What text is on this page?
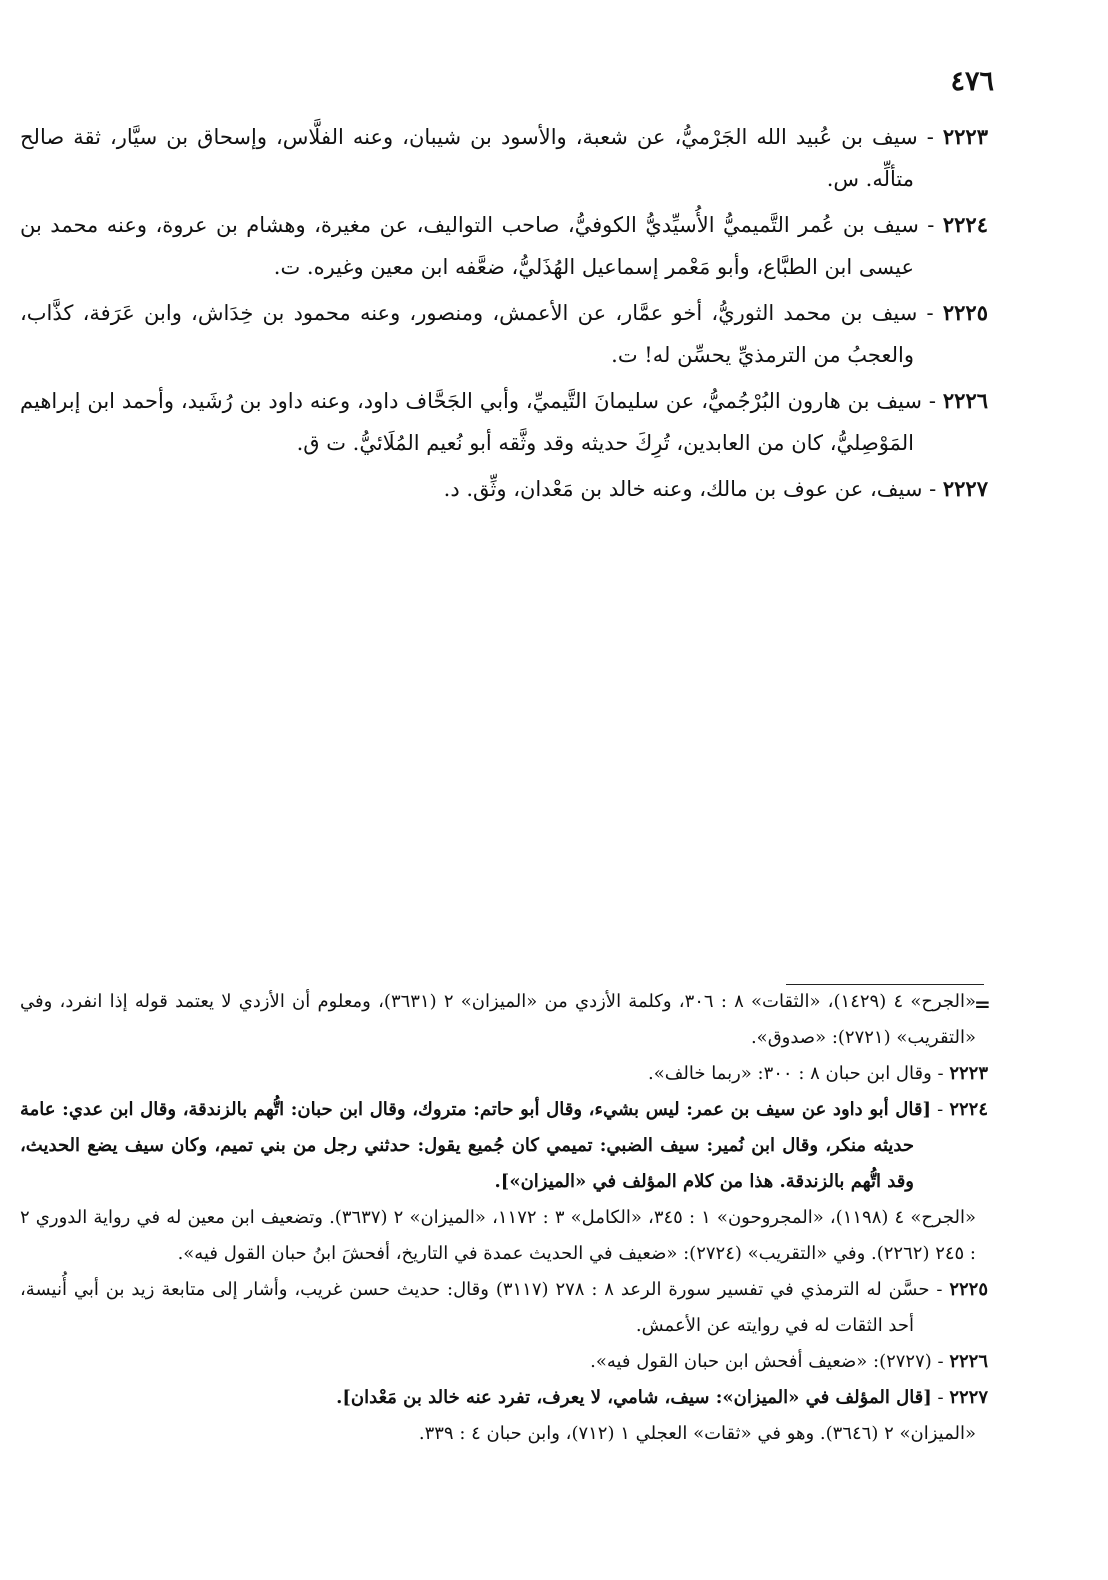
٤٧٦

٢٢٢٣ - سيف بن عُبيد الله الجَرْميُّ، عن شعبة، والأسود بن شيبان، وعنه الفلَّاس، وإسحاق بن سيَّار، ثقة صالح متألِّه. س.

٢٢٢٤ - سيف بن عُمر التَّميميُّ الأُسيِّديُّ الكوفيُّ، صاحب التواليف، عن مغيرة، وهشام بن عروة، وعنه محمد بن عيسى ابن الطبَّاع، وأبو مَعْمر إسماعيل الهُذَليُّ، ضعَّفه ابن معين وغيره. ت.

٢٢٢٥ - سيف بن محمد الثوريُّ، أخو عمَّار، عن الأعمش، ومنصور، وعنه محمود بن خِدَاش، وابن عَرَفة، كذَّاب، والعجبُ من الترمذيِّ يحسِّن له! ت.

٢٢٢٦ - سيف بن هارون البُرْجُميُّ، عن سليمانَ التَّيميِّ، وأبي الجَحَّاف داود، وعنه داود بن رُشَيد، وأحمد ابن إبراهيم المَوْصِليُّ، كان من العابدين، تُرِكَ حديثه وقد وثَّقه أبو نُعيم المُلَائيُّ. ت ق.

٢٢٢٧ - سيف، عن عوف بن مالك، وعنه خالد بن مَعْدان، وثِّق. د.

=

«الجرح» ٤ (١٤٢٩)، «الثقات» ٨ : ٣٠٦، وكلمة الأزدي من «الميزان» ٢ (٣٦٣١)، ومعلوم أن الأزدي لا يعتمد قوله إذا انفرد، وفي «التقريب» (٢٧٢١): «صدوق».

٢٢٢٣ - وقال ابن حبان ٨ : ٣٠٠: «ربما خالف».

٢٢٢٤ - [قال أبو داود عن سيف بن عمر: ليس بشيء، وقال أبو حاتم: متروك، وقال ابن حبان: اتُّهم بالزندقة، وقال ابن عدي: عامة حديثه منكر، وقال ابن نُمير: سيف الضبي: تميمي كان جُميع يقول: حدثني رجل من بني تميم، وكان سيف يضع الحديث، وقد اتُّهم بالزندقة. هذا من كلام المؤلف في «الميزان»].

«الجرح» ٤ (١١٩٨)، «المجروحون» ١ : ٣٤٥، «الكامل» ٣ : ١١٧٢، «الميزان» ٢ (٣٦٣٧). وتضعيف ابن معين له في رواية الدوري ٢ : ٢٤٥ (٢٢٦٢). وفي «التقريب» (٢٧٢٤): «ضعيف في الحديث عمدة في التاريخ، أفحشَ ابنُ حبان القول فيه».

٢٢٢٥ - حسَّن له الترمذي في تفسير سورة الرعد ٨ : ٢٧٨ (٣١١٧) وقال: حديث حسن غريب، وأشار إلى متابعة زيد بن أبي أُنيسة، أحد الثقات له في روايته عن الأعمش.

٢٢٢٦ - (٢٧٢٧): «ضعيف أفحش ابن حبان القول فيه».

٢٢٢٧ - [قال المؤلف في «الميزان»: سيف، شامي، لا يعرف، تفرد عنه خالد بن مَعْدان].

«الميزان» ٢ (٣٦٤٦). وهو في «ثقات» العجلي ١ (٧١٢)، وابن حبان ٤ : ٣٣٩.
